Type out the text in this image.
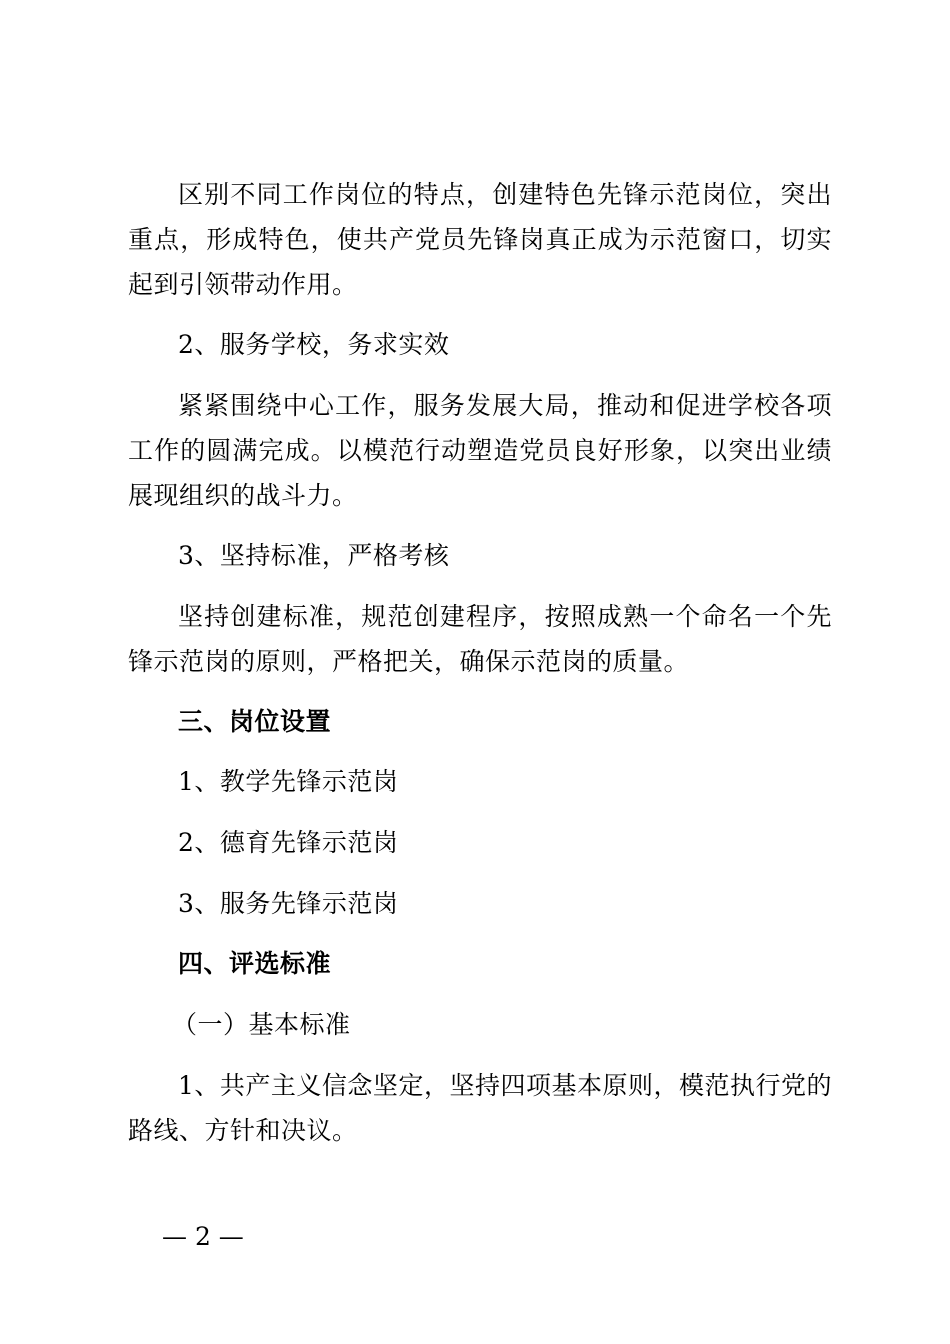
区别不同工作岗位的特点，创建特色先锋示范岗位，突出重点，形成特色，使共产党员先锋岗真正成为示范窗口，切实起到引领带动作用。

2、服务学校，务求实效

紧紧围绕中心工作，服务发展大局，推动和促进学校各项工作的圆满完成。以模范行动塑造党员良好形象，以突出业绩展现组织的战斗力。

3、坚持标准，严格考核

坚持创建标准，规范创建程序，按照成熟一个命名一个先锋示范岗的原则，严格把关，确保示范岗的质量。

三、岗位设置

1、教学先锋示范岗

2、德育先锋示范岗

3、服务先锋示范岗

四、评选标准

（一）基本标准

1、共产主义信念坚定，坚持四项基本原则，模范执行党的路线、方针和决议。

— 2 —
